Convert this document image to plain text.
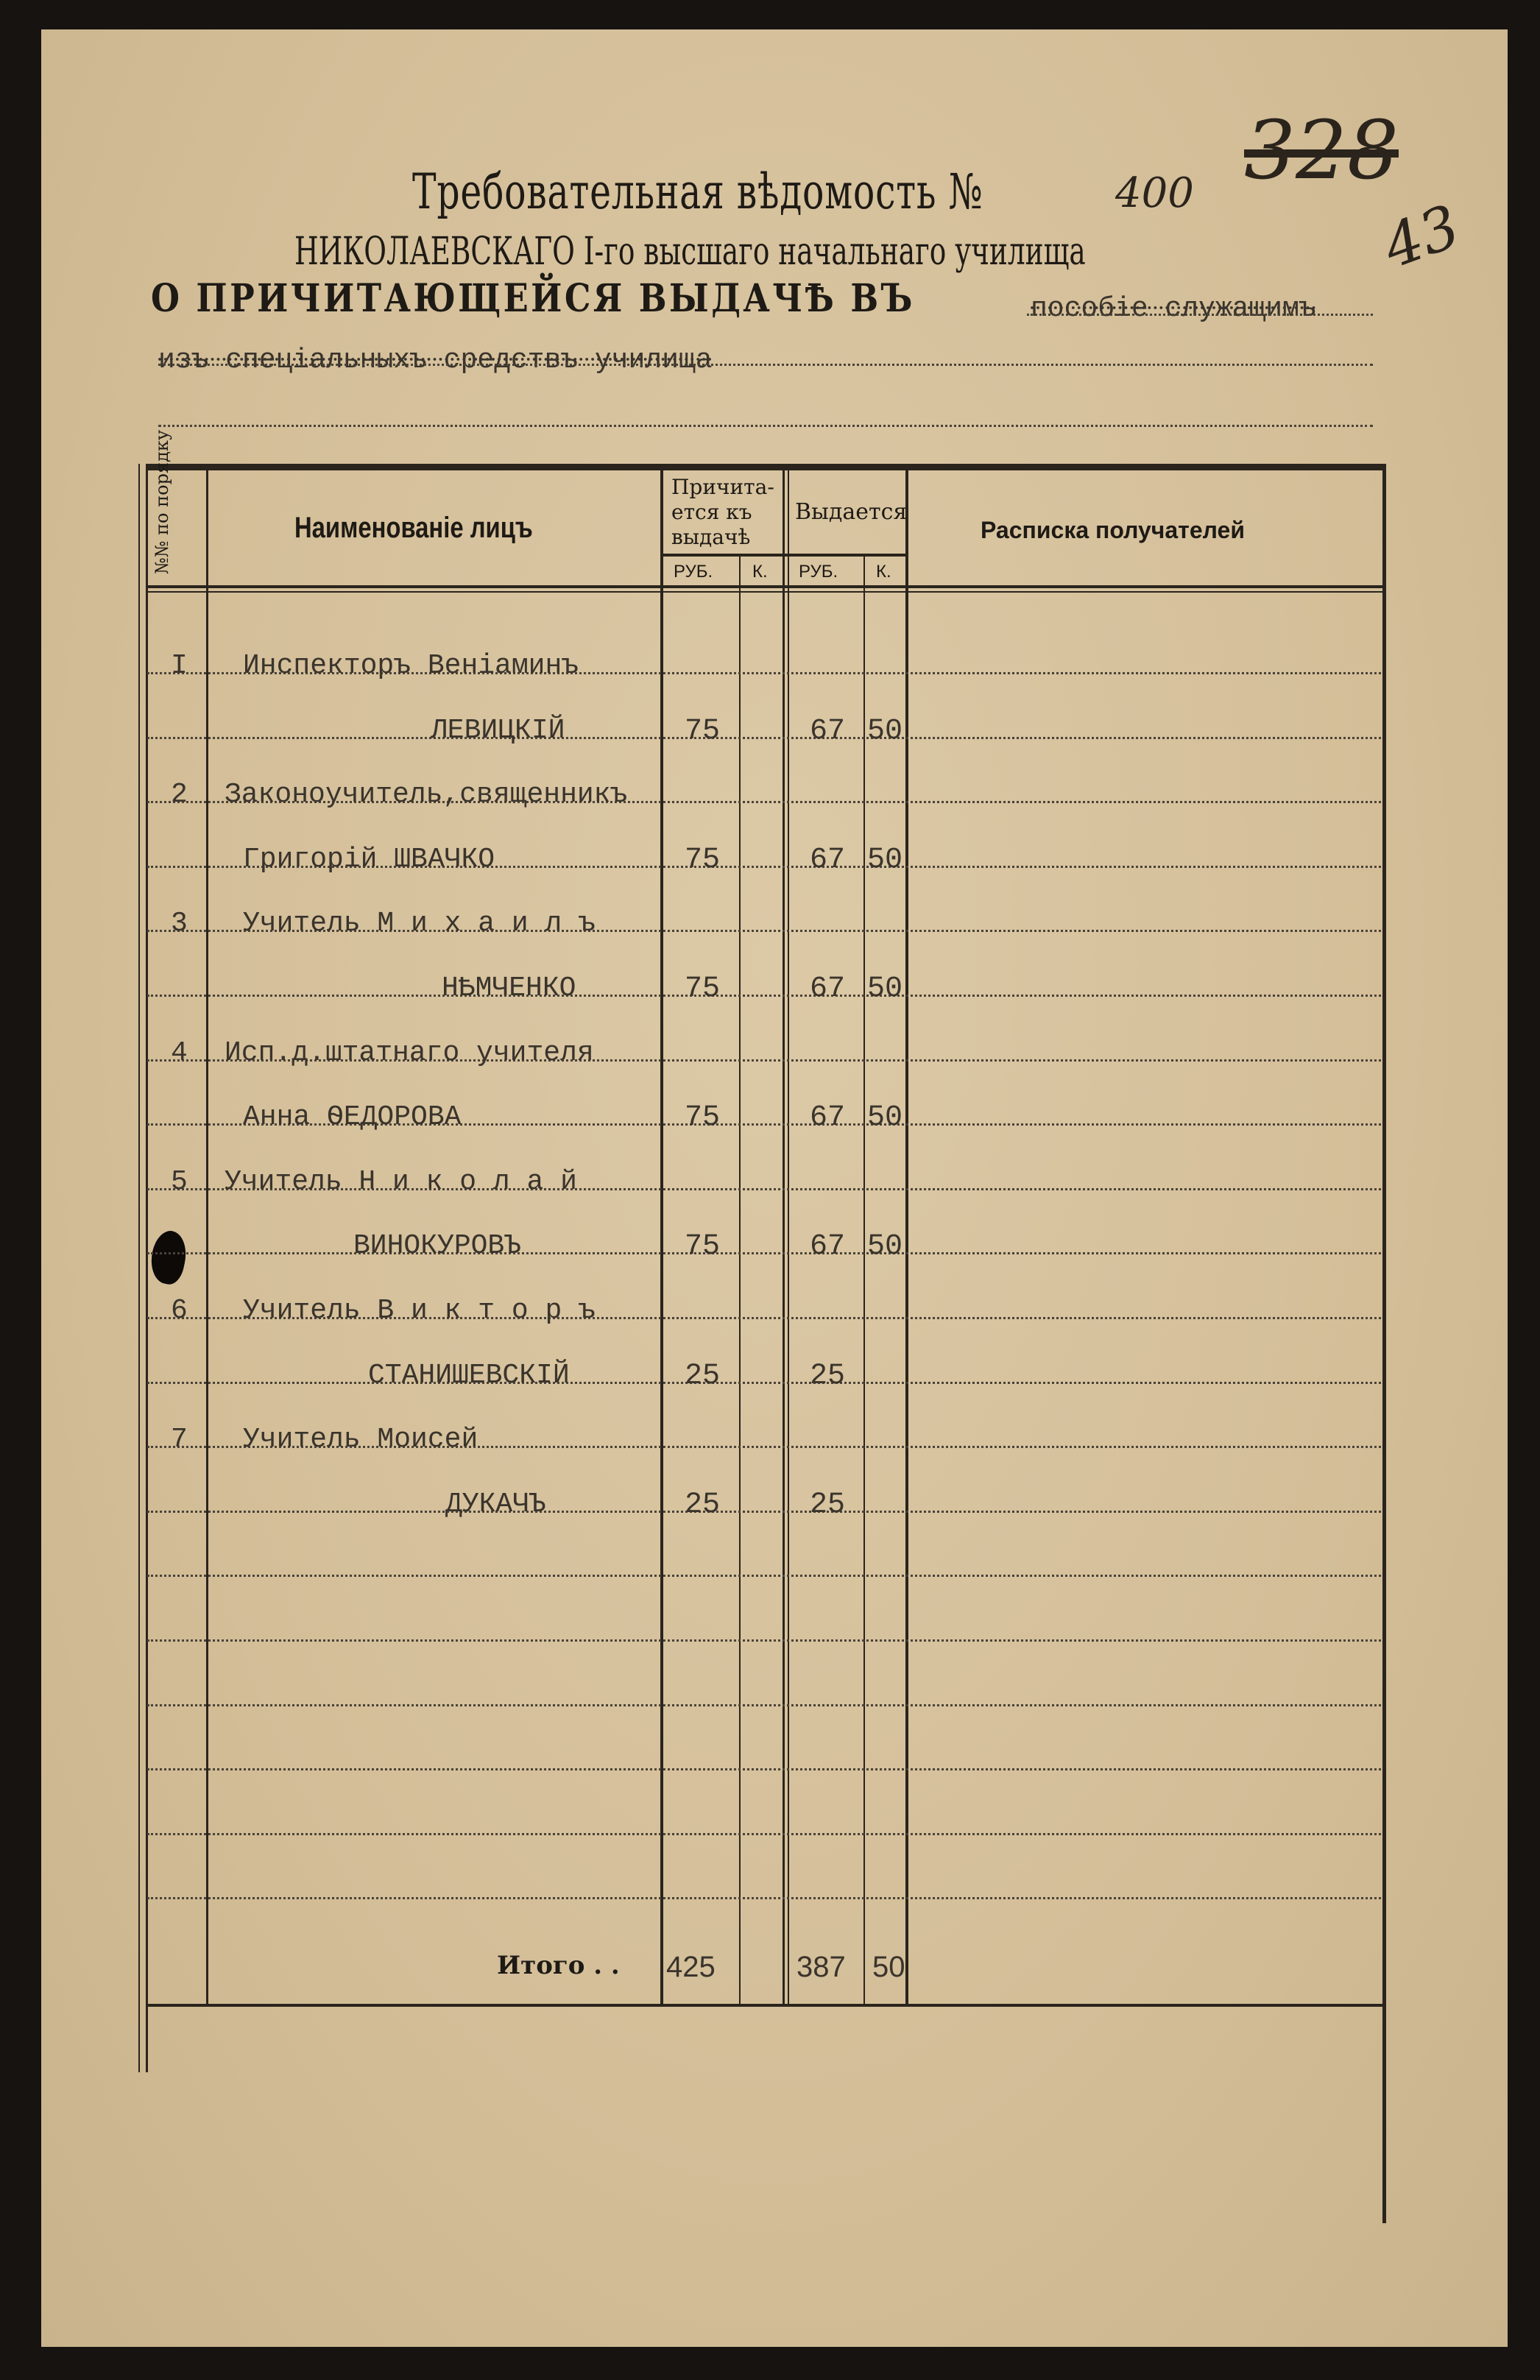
Требовательная вѣдомость №	400 328
43
НИКОЛАЕВСКАГО I-го высшаго начальнаго училища
О ПРИЧИТАЮЩЕЙСЯ ВЫДАЧѢ ВЪ	пособіе служащимъ
изъ спеціальныхъ средствъ училища
№№ по порядку	Наименованіе лицъ
Причита-
ется къ
выдачѣ
Выдается
Расписка получателей
РУБ. К. РУБ. К.
I Инспекторъ Веніаминъ
ЛЕВИЦКІЙ	75	67 50
2 Законоучитель,священникъ
Григорій ШВАЧКО	75	67 50
3 Учитель М и х а и л ъ
НѢМЧЕНКО	75	67 50
4 Исп.д.штатнаго учителя
Анна ѲЕДОРОВА	75	67 50
5 Учитель Н и к о л а й
ВИНОКУРОВЪ	75	67 50
6 Учитель В и к т о р ъ
СТАНИШЕВСКІЙ	25	25
7 Учитель Моисей
ДУКАЧЪ	25	25
Итого . . 425	387 50
